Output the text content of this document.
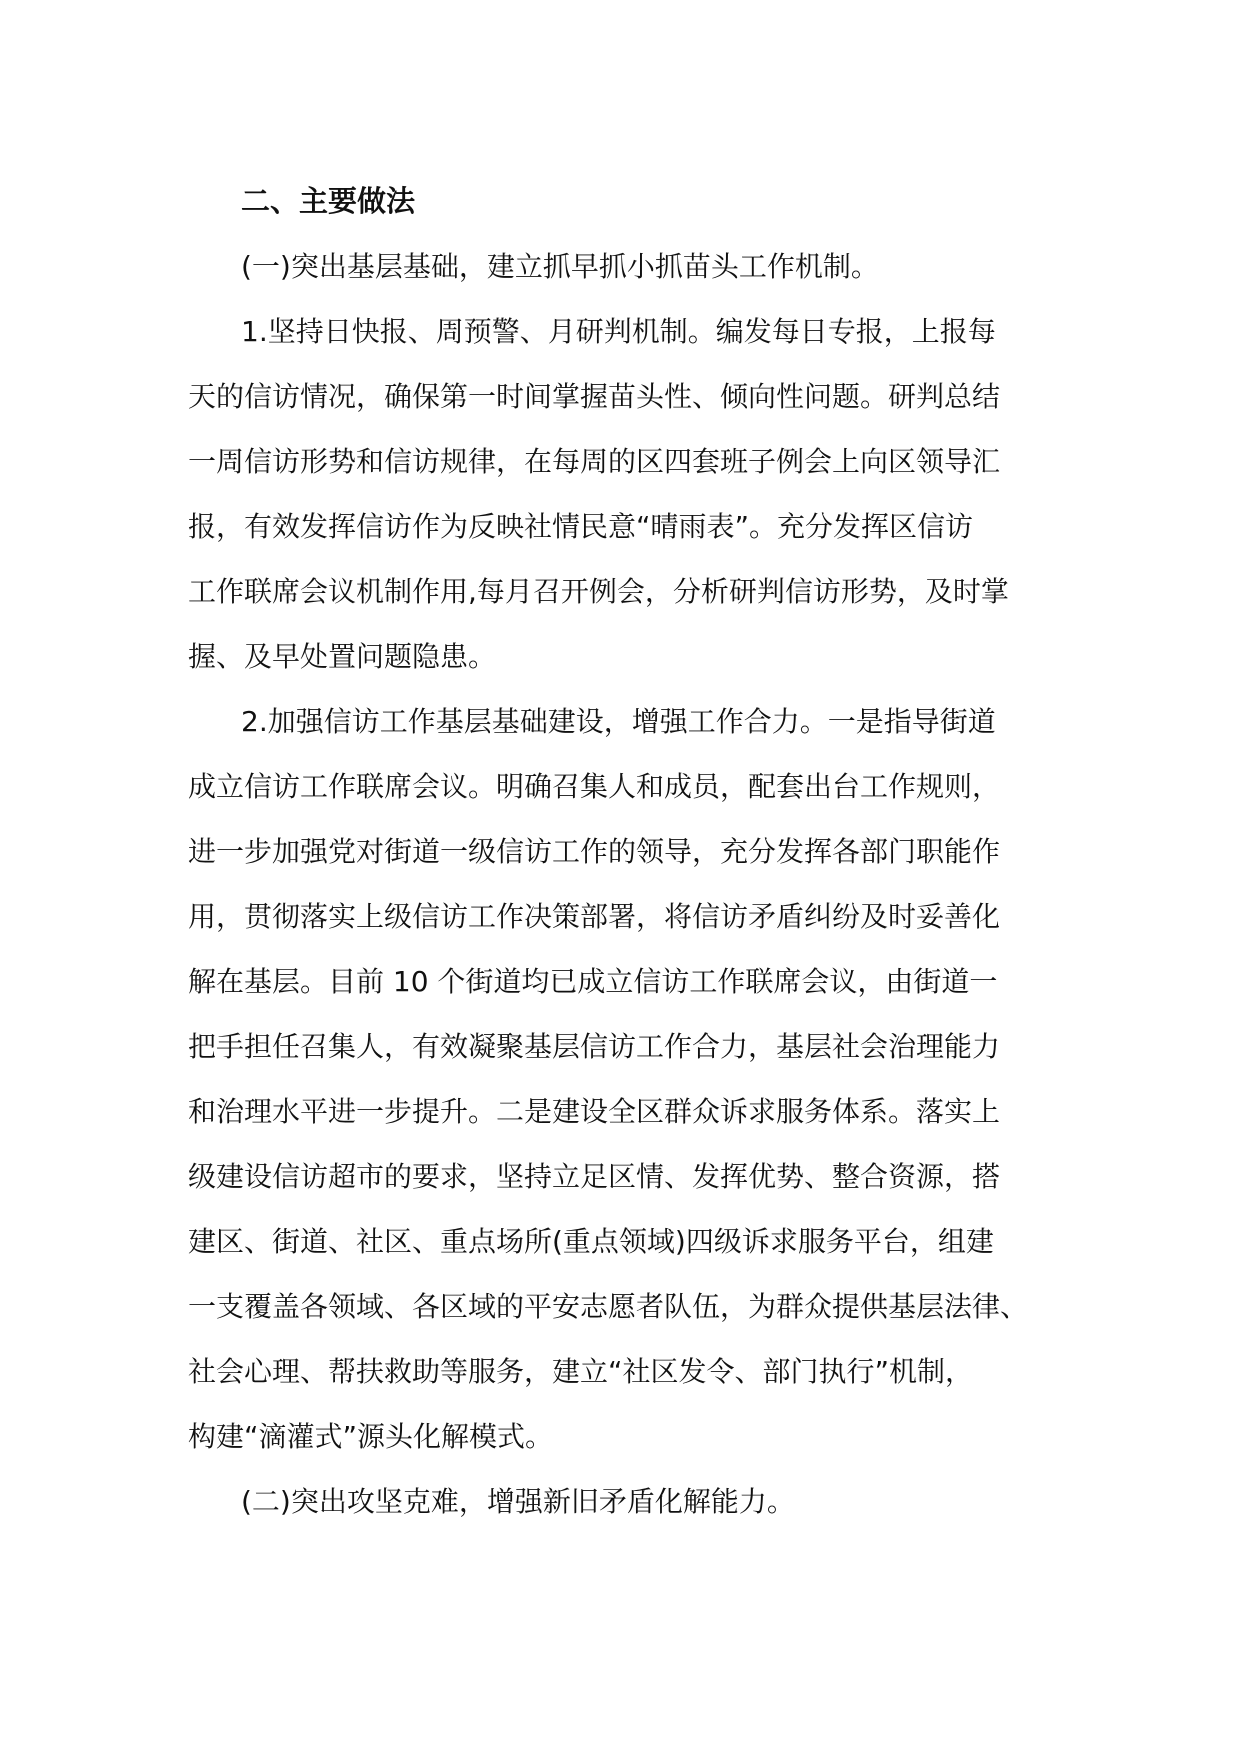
二、主要做法

(一)突出基层基础，建立抓早抓小抓苗头工作机制。

1.坚持日快报、周预警、月研判机制。编发每日专报，上报每
天的信访情况，确保第一时间掌握苗头性、倾向性问题。研判总结
一周信访形势和信访规律，在每周的区四套班子例会上向区领导汇
报，有效发挥信访作为反映社情民意“晴雨表”。充分发挥区信访
工作联席会议机制作用,每月召开例会，分析研判信访形势，及时掌
握、及早处置问题隐患。

2.加强信访工作基层基础建设，增强工作合力。一是指导街道
成立信访工作联席会议。明确召集人和成员，配套出台工作规则，
进一步加强党对街道一级信访工作的领导，充分发挥各部门职能作
用，贯彻落实上级信访工作决策部署，将信访矛盾纠纷及时妥善化
解在基层。目前 10 个街道均已成立信访工作联席会议，由街道一
把手担任召集人，有效凝聚基层信访工作合力，基层社会治理能力
和治理水平进一步提升。二是建设全区群众诉求服务体系。落实上
级建设信访超市的要求，坚持立足区情、发挥优势、整合资源，搭
建区、街道、社区、重点场所(重点领域)四级诉求服务平台，组建
一支覆盖各领域、各区域的平安志愿者队伍，为群众提供基层法律、
社会心理、帮扶救助等服务，建立“社区发令、部门执行”机制，
构建“滴灌式”源头化解模式。

(二)突出攻坚克难，增强新旧矛盾化解能力。
